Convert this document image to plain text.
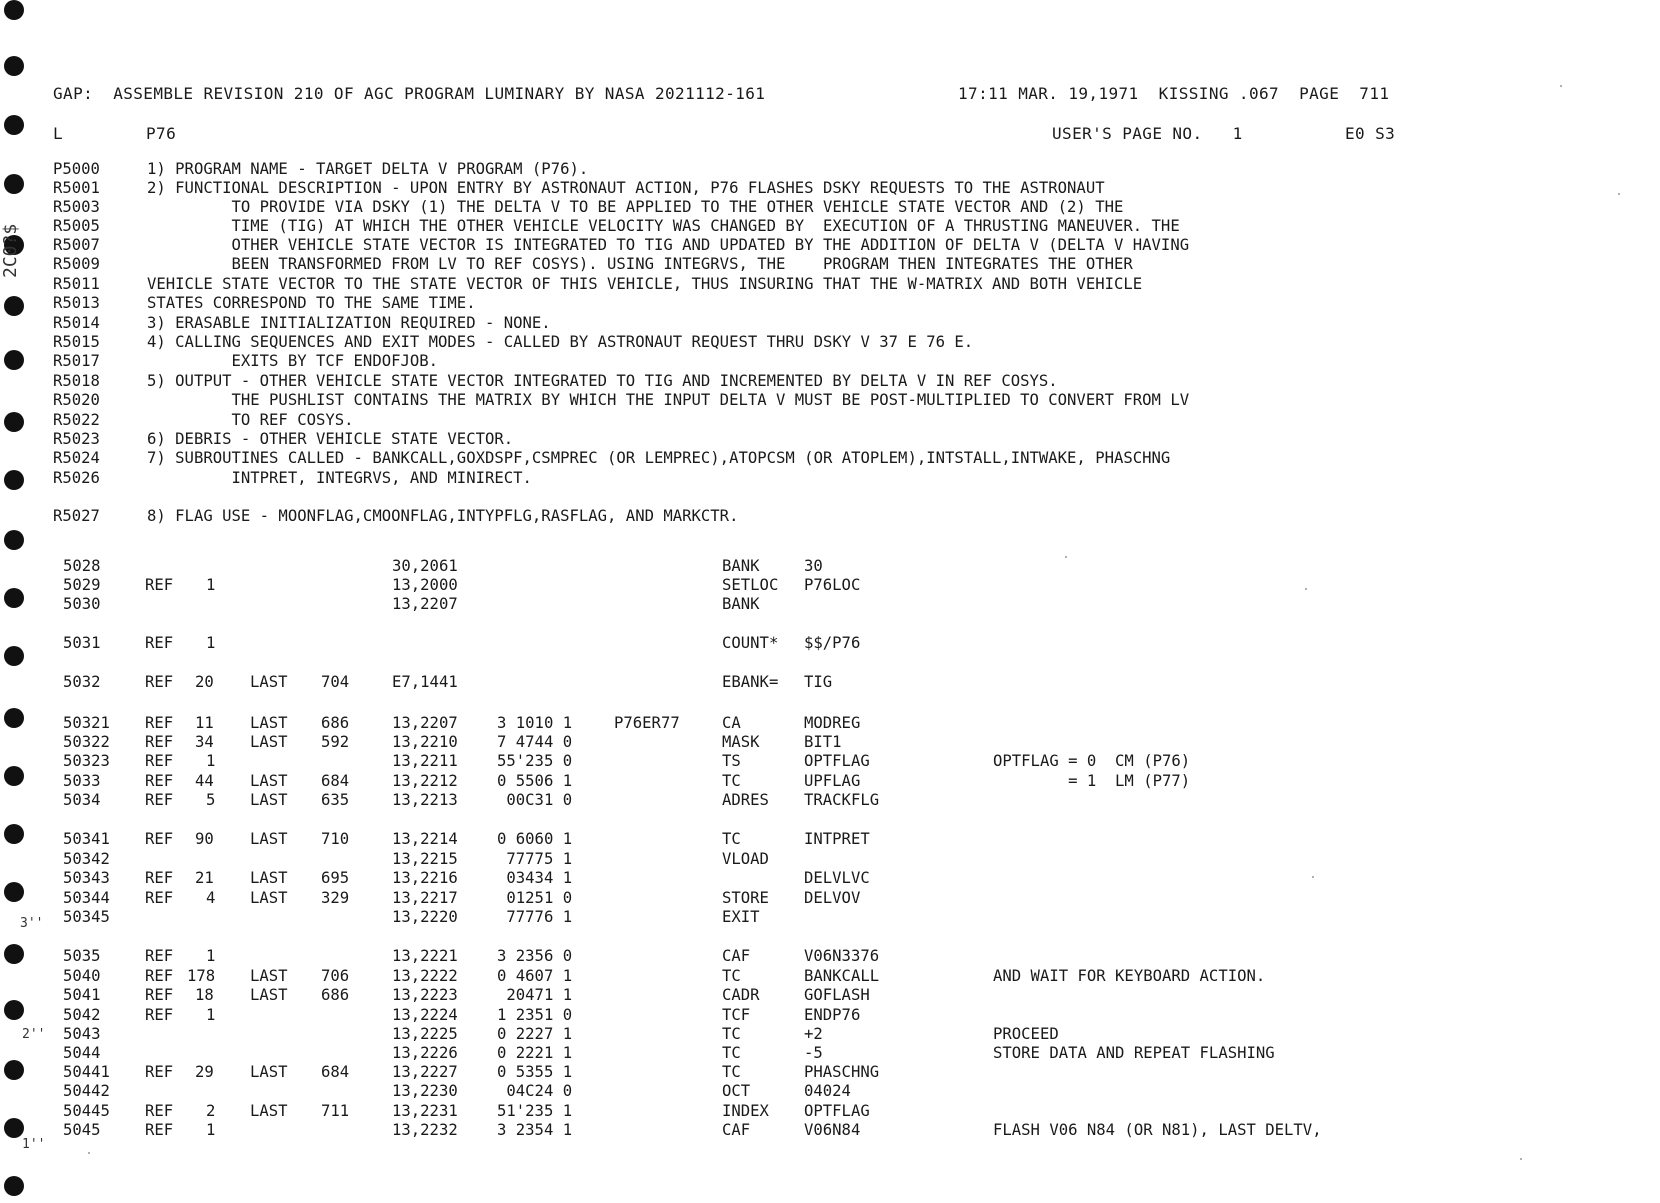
2C0?$
3''
2''
1''
GAP:  ASSEMBLE REVISION 210 OF AGC PROGRAM LUMINARY BY NASA 2021112-161	17:11 MAR. 19,1971  KISSING .067  PAGE  711
L	P76	USER'S PAGE NO.   1	E0 S3
P5000	1) PROGRAM NAME - TARGET DELTA V PROGRAM (P76).
R5001	2) FUNCTIONAL DESCRIPTION - UPON ENTRY BY ASTRONAUT ACTION, P76 FLASHES DSKY REQUESTS TO THE ASTRONAUT
R5003	TO PROVIDE VIA DSKY (1) THE DELTA V TO BE APPLIED TO THE OTHER VEHICLE STATE VECTOR AND (2) THE
R5005	TIME (TIG) AT WHICH THE OTHER VEHICLE VELOCITY WAS CHANGED BY  EXECUTION OF A THRUSTING MANEUVER. THE
R5007	OTHER VEHICLE STATE VECTOR IS INTEGRATED TO TIG AND UPDATED BY THE ADDITION OF DELTA V (DELTA V HAVING
R5009	BEEN TRANSFORMED FROM LV TO REF COSYS). USING INTEGRVS, THE    PROGRAM THEN INTEGRATES THE OTHER
R5011	VEHICLE STATE VECTOR TO THE STATE VECTOR OF THIS VEHICLE, THUS INSURING THAT THE W-MATRIX AND BOTH VEHICLE
R5013	STATES CORRESPOND TO THE SAME TIME.
R5014	3) ERASABLE INITIALIZATION REQUIRED - NONE.
R5015	4) CALLING SEQUENCES AND EXIT MODES - CALLED BY ASTRONAUT REQUEST THRU DSKY V 37 E 76 E.
R5017	EXITS BY TCF ENDOFJOB.
R5018	5) OUTPUT - OTHER VEHICLE STATE VECTOR INTEGRATED TO TIG AND INCREMENTED BY DELTA V IN REF COSYS.
R5020	THE PUSHLIST CONTAINS THE MATRIX BY WHICH THE INPUT DELTA V MUST BE POST-MULTIPLIED TO CONVERT FROM LV
R5022	TO REF COSYS.
R5023	6) DEBRIS - OTHER VEHICLE STATE VECTOR.
R5024	7) SUBROUTINES CALLED - BANKCALL,GOXDSPF,CSMPREC (OR LEMPREC),ATOPCSM (OR ATOPLEM),INTSTALL,INTWAKE, PHASCHNG
R5026	INTPRET, INTEGRVS, AND MINIRECT.
R5027	8) FLAG USE - MOONFLAG,CMOONFLAG,INTYPFLG,RASFLAG, AND MARKCTR.
5028	30,2061	BANK	30
5029	REF 1	13,2000	SETLOC P76LOC
5030	13,2207	BANK
5031	REF 1	COUNT* $$/P76
5032	REF 20 LAST 704	E7,1441	EBANK= TIG
50321 REF 11 LAST 686	13,2207	3 1010 1	P76ER77	CA	MODREG
50322 REF 34 LAST 592	13,2210	7 4744 0	MASK	BIT1
50323 REF 1	13,2211	55'235 0	TS	OPTFLAG	OPTFLAG = 0  CM (P76)
5033	REF 44 LAST 684	13,2212	0 5506 1	TC	UPFLAG	= 1  LM (P77)
5034	REF 5 LAST 635	13,2213	00C31 0	ADRES TRACKFLG
50341 REF 90 LAST 710	13,2214	0 6060 1	TC	INTPRET
50342	13,2215	77775 1	VLOAD
50343 REF 21 LAST 695	13,2216	03434 1	DELVLVC
50344 REF 4 LAST 329	13,2217	01251 0	STORE DELVOV
50345	13,2220	77776 1	EXIT
5035	REF 1	13,2221	3 2356 0	CAF	V06N3376
5040	REF 178 LAST 706	13,2222	0 4607 1	TC	BANKCALL	AND WAIT FOR KEYBOARD ACTION.
5041	REF 18 LAST 686	13,2223	20471 1	CADR	GOFLASH
5042	REF 1	13,2224	1 2351 0	TCF	ENDP76
5043	13,2225	0 2227 1	TC	+2	PROCEED
5044	13,2226	0 2221 1	TC	-5	STORE DATA AND REPEAT FLASHING
50441 REF 29 LAST 684	13,2227	0 5355 1	TC	PHASCHNG
50442	13,2230	04C24 0	OCT	04024
50445 REF 2 LAST 711	13,2231	51'235 1	INDEX OPTFLAG
5045	REF 1	13,2232	3 2354 1	CAF	V06N84	FLASH V06 N84 (OR N81), LAST DELTV,
